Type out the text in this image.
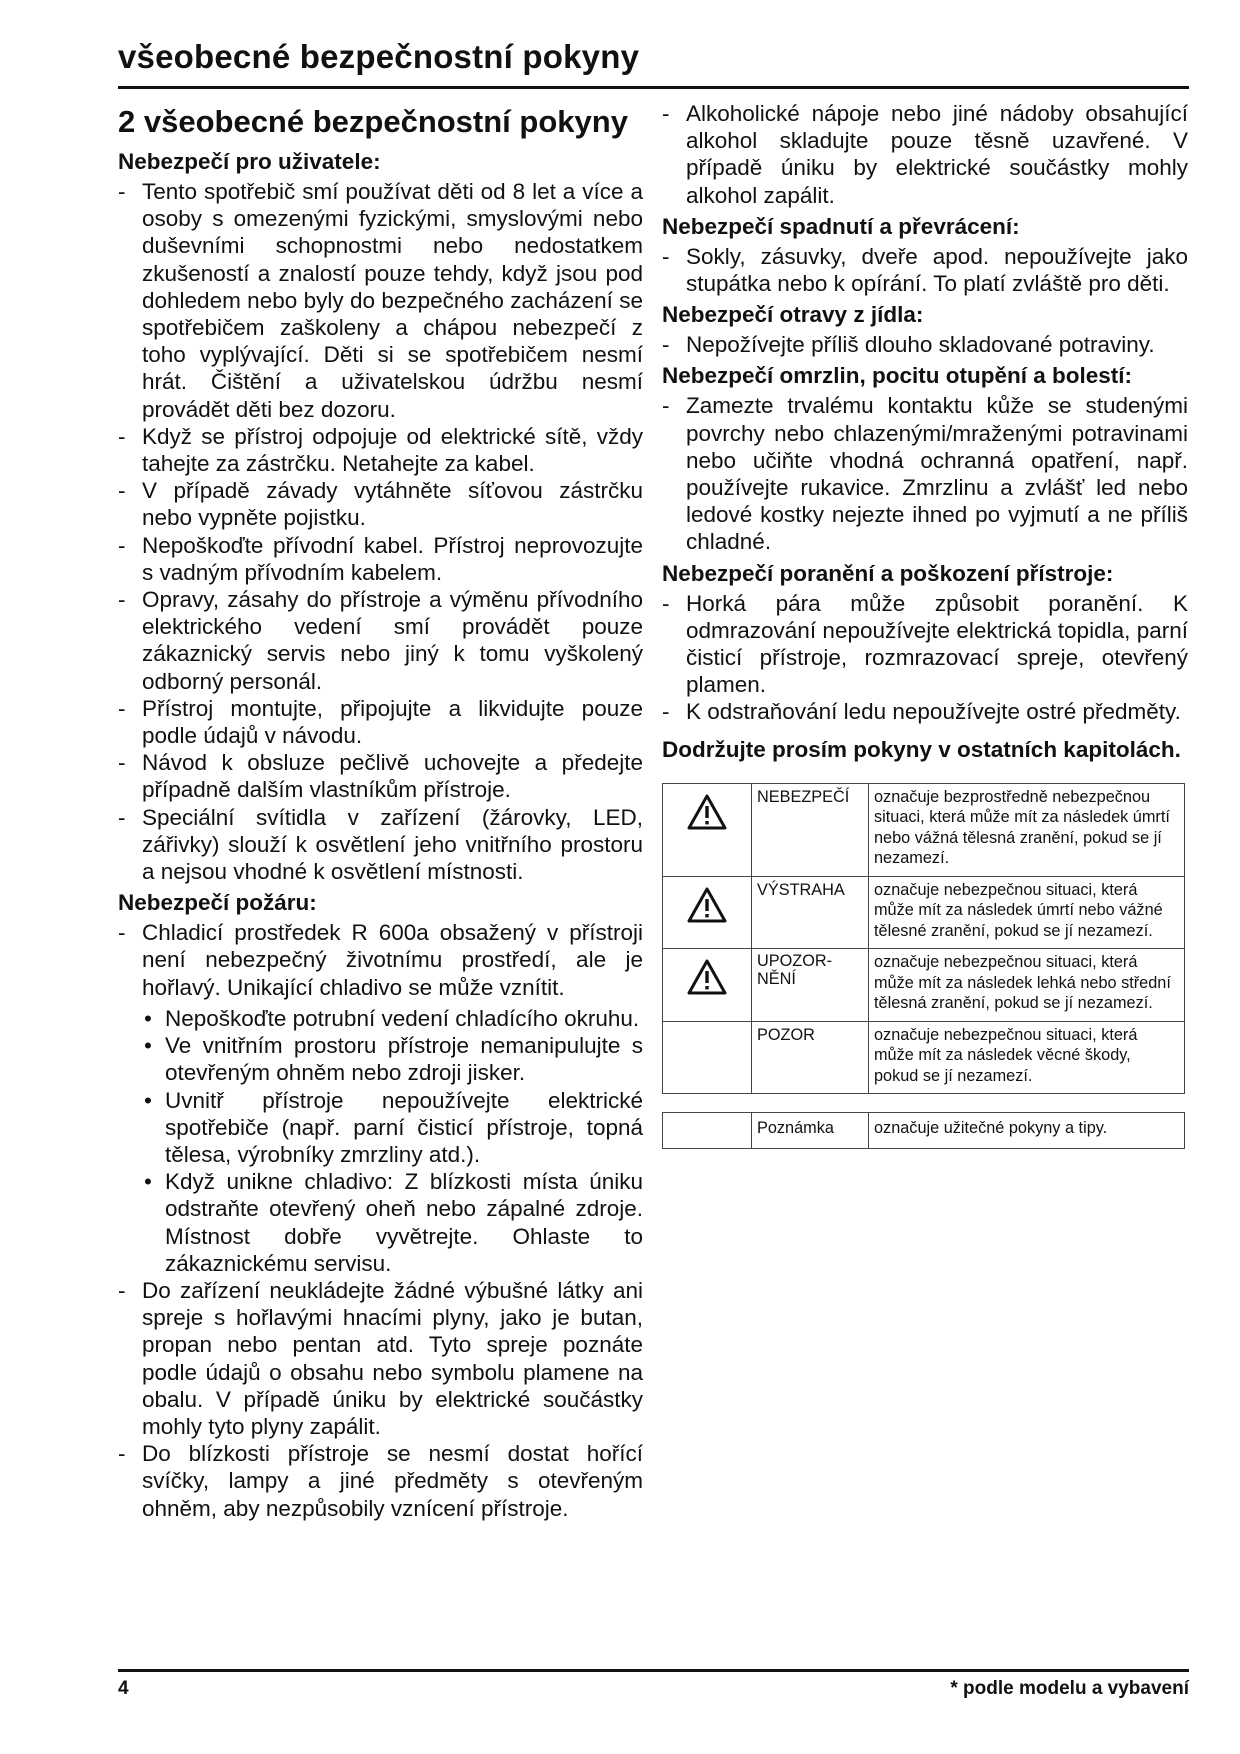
všeobecné bezpečnostní pokyny
2 všeobecné bezpečnostní pokyny
Nebezpečí pro uživatele:
- Tento spotřebič smí používat děti od 8 let a více a osoby s omezenými fyzickými, smyslovými nebo duševními schopnostmi nebo nedostatkem zkušeností a znalostí pouze tehdy, když jsou pod dohledem nebo byly do bezpečného zacházení se spotřebičem zaškoleny a chápou nebezpečí z toho vyplývající. Děti si se spotřebičem nesmí hrát. Čištění a uživatelskou údržbu nesmí provádět děti bez dozoru.
- Když se přístroj odpojuje od elektrické sítě, vždy tahejte za zástrčku. Netahejte za kabel.
- V případě závady vytáhněte síťovou zástrčku nebo vypněte pojistku.
- Nepoškoďte přívodní kabel. Přístroj neprovozujte s vadným přívodním kabelem.
- Opravy, zásahy do přístroje a výměnu přívodního elektrického vedení smí provádět pouze zákaznický servis nebo jiný k tomu vyškolený odborný personál.
- Přístroj montujte, připojujte a likvidujte pouze podle údajů v návodu.
- Návod k obsluze pečlivě uchovejte a předejte případně dalším vlastníkům přístroje.
- Speciální svítidla v zařízení (žárovky, LED, zářivky) slouží k osvětlení jeho vnitřního prostoru a nejsou vhodné k osvětlení místnosti.
Nebezpečí požáru:
- Chladicí prostředek R 600a obsažený v přístroji není nebezpečný životnímu prostředí, ale je hořlavý. Unikající chladivo se může vznítit.
• Nepoškoďte potrubní vedení chladícího okruhu.
• Ve vnitřním prostoru přístroje nemanipulujte s otevřeným ohněm nebo zdroji jisker.
• Uvnitř přístroje nepoužívejte elektrické spotřebiče (např. parní čisticí přístroje, topná tělesa, výrobníky zmrzliny atd.).
• Když unikne chladivo: Z blízkosti místa úniku odstraňte otevřený oheň nebo zápalné zdroje. Místnost dobře vyvětrejte. Ohlaste to zákaznickému servisu.
- Do zařízení neukládejte žádné výbušné látky ani spreje s hořlavými hnacími plyny, jako je butan, propan nebo pentan atd. Tyto spreje poznáte podle údajů o obsahu nebo symbolu plamene na obalu. V případě úniku by elektrické součástky mohly tyto plyny zapálit.
- Do blízkosti přístroje se nesmí dostat hořící svíčky, lampy a jiné předměty s otevřeným ohněm, aby nezpůsobily vznícení přístroje.
- Alkoholické nápoje nebo jiné nádoby obsahující alkohol skladujte pouze těsně uzavřené. V případě úniku by elektrické součástky mohly alkohol zapálit.
Nebezpečí spadnutí a převrácení:
- Sokly, zásuvky, dveře apod. nepoužívejte jako stupátka nebo k opírání. To platí zvláště pro děti.
Nebezpečí otravy z jídla:
- Nepožívejte příliš dlouho skladované potraviny.
Nebezpečí omrzlin, pocitu otupění a bolestí:
- Zamezte trvalému kontaktu kůže se studenými povrchy nebo chlazenými/mraženými potravinami nebo učiňte vhodná ochranná opatření, např. používejte rukavice. Zmrzlinu a zvlášť led nebo ledové kostky nejezte ihned po vyjmutí a ne příliš chladné.
Nebezpečí poranění a poškození přístroje:
- Horká pára může způsobit poranění. K odmrazování nepoužívejte elektrická topidla, parní čisticí přístroje, rozmrazovací spreje, otevřený plamen.
- K odstraňování ledu nepoužívejte ostré předměty.
Dodržujte prosím pokyny v ostatních kapitolách.
	NEBEZPEČÍ	označuje bezprostředně nebezpečnou situaci, která může mít za následek úmrtí nebo vážná tělesná zranění, pokud se jí nezamezí.

	VÝSTRAHA	označuje nebezpečnou situaci, která může mít za následek úmrtí nebo vážné tělesné zranění, pokud se jí nezamezí.

	UPOZOR-NĚNÍ	označuje nebezpečnou situaci, která může mít za následek lehká nebo střední tělesná zranění, pokud se jí nezamezí.
	POZOR	označuje nebezpečnou situaci, která může mít za následek věcné škody, pokud se jí nezamezí.
	Poznámka	označuje užitečné pokyny a tipy.
4	* podle modelu a vybavení
